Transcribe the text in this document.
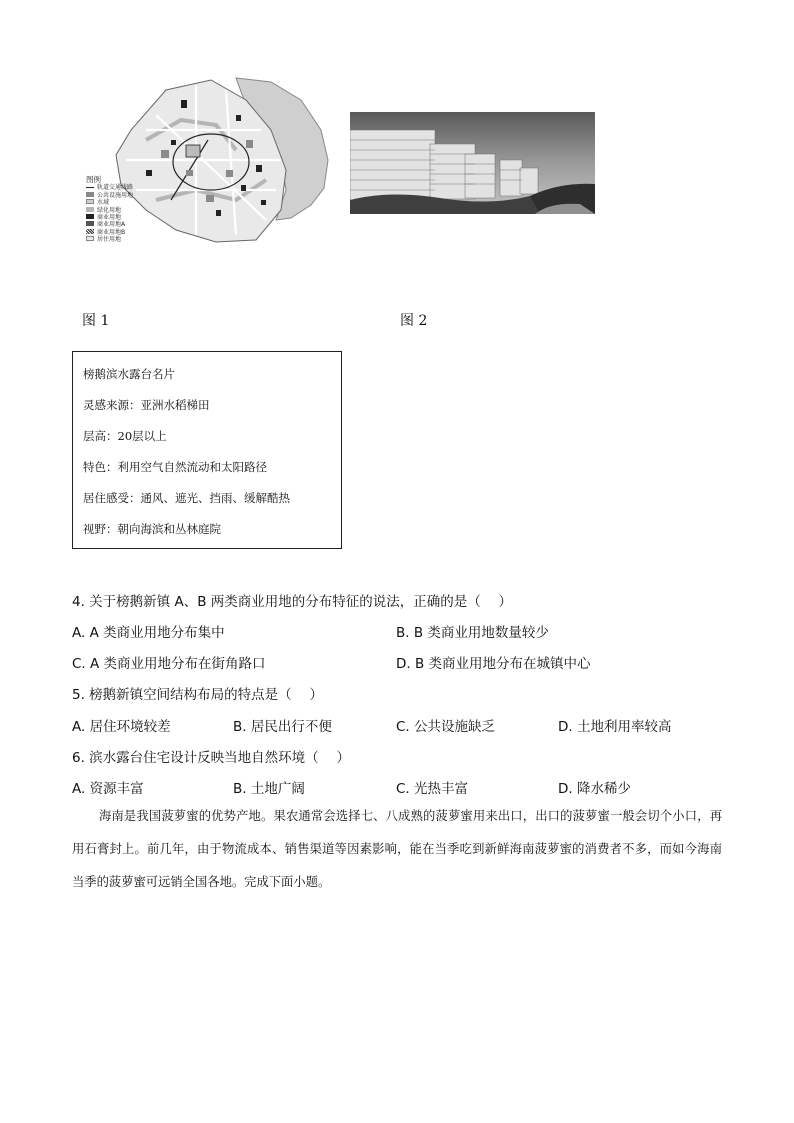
图例
轨道交通线路
公共设施用地
水域
绿化用地
商业用地
商业用地A
商业用地B
居住用地
图 1	图 2
榜鹅滨水露台名片
灵感来源：亚洲水稻梯田
层高：20层以上
特色：利用空气自然流动和太阳路径
居住感受：通风、遮光、挡雨、缓解酷热
视野：朝向海滨和丛林庭院
4. 关于榜鹅新镇 A、B 两类商业用地的分布特征的说法，正确的是（　 ）
A. A 类商业用地分布集中	B. B 类商业用地数量较少
C. A 类商业用地分布在街角路口	D. B 类商业用地分布在城镇中心
5. 榜鹅新镇空间结构布局的特点是（　 ）
A. 居住环境较差	B. 居民出行不便	C. 公共设施缺乏	D. 土地利用率较高
6. 滨水露台住宅设计反映当地自然环境（　 ）
A. 资源丰富	B. 土地广阔	C. 光热丰富	D. 降水稀少
海南是我国菠萝蜜的优势产地。果农通常会选择七、八成熟的菠萝蜜用来出口，出口的菠萝蜜一般会切个小口，再用石膏封上。前几年，由于物流成本、销售渠道等因素影响，能在当季吃到新鲜海南菠萝蜜的消费者不多，而如今海南当季的菠萝蜜可远销全国各地。完成下面小题。
